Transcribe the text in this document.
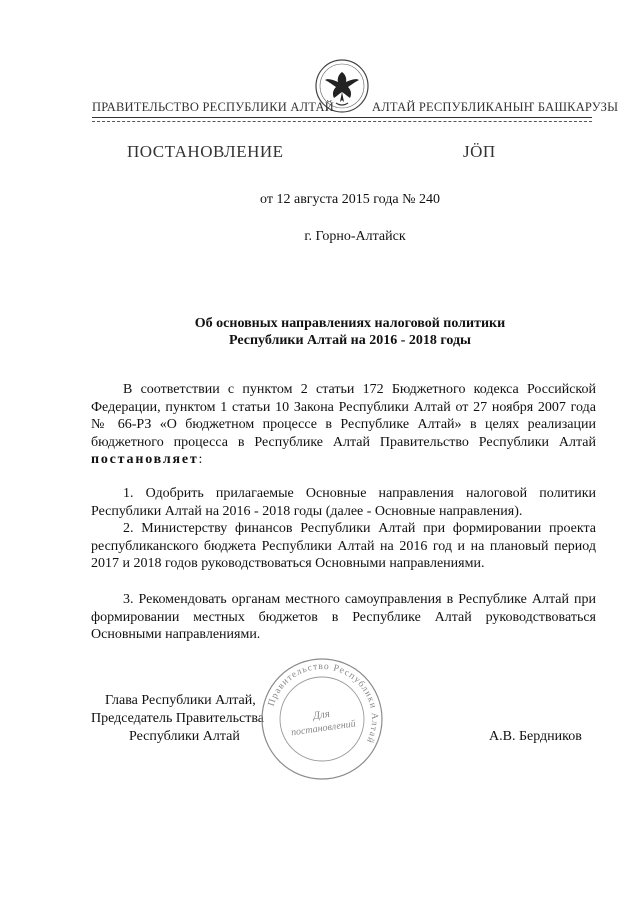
ПРАВИТЕЛЬСТВО РЕСПУБЛИКИ АЛТАЙ	АЛТАЙ РЕСПУБЛИКАНЫҤ БАШКАРУЗЫ
ПОСТАНОВЛЕНИЕ	ЈӦП
от 12 августа 2015 года № 240
г. Горно-Алтайск
Об основных направлениях налоговой политики
Республики Алтай на 2016 - 2018 годы
В соответствии с пунктом 2 статьи 172 Бюджетного кодекса Российской Федерации, пунктом 1 статьи 10 Закона Республики Алтай от 27 ноября 2007 года № 66-РЗ «О бюджетном процессе в Республике Алтай» в целях реализации бюджетного процесса в Республике Алтай Правительство Республики Алтай постановляет:
1. Одобрить прилагаемые Основные направления налоговой политики Республики Алтай на 2016 - 2018 годы (далее - Основные направления).
2. Министерству финансов Республики Алтай при формировании проекта республиканского бюджета Республики Алтай на 2016 год и на плановый период 2017 и 2018 годов руководствоваться Основными направлениями.
3. Рекомендовать органам местного самоуправления в Республике Алтай при формировании местных бюджетов в Республике Алтай руководствоваться Основными направлениями.
Глава Республики Алтай,
Председатель Правительства
Республики Алтай	А.В. Бердников
Правительство Республики Алтай
Для
постановлений
